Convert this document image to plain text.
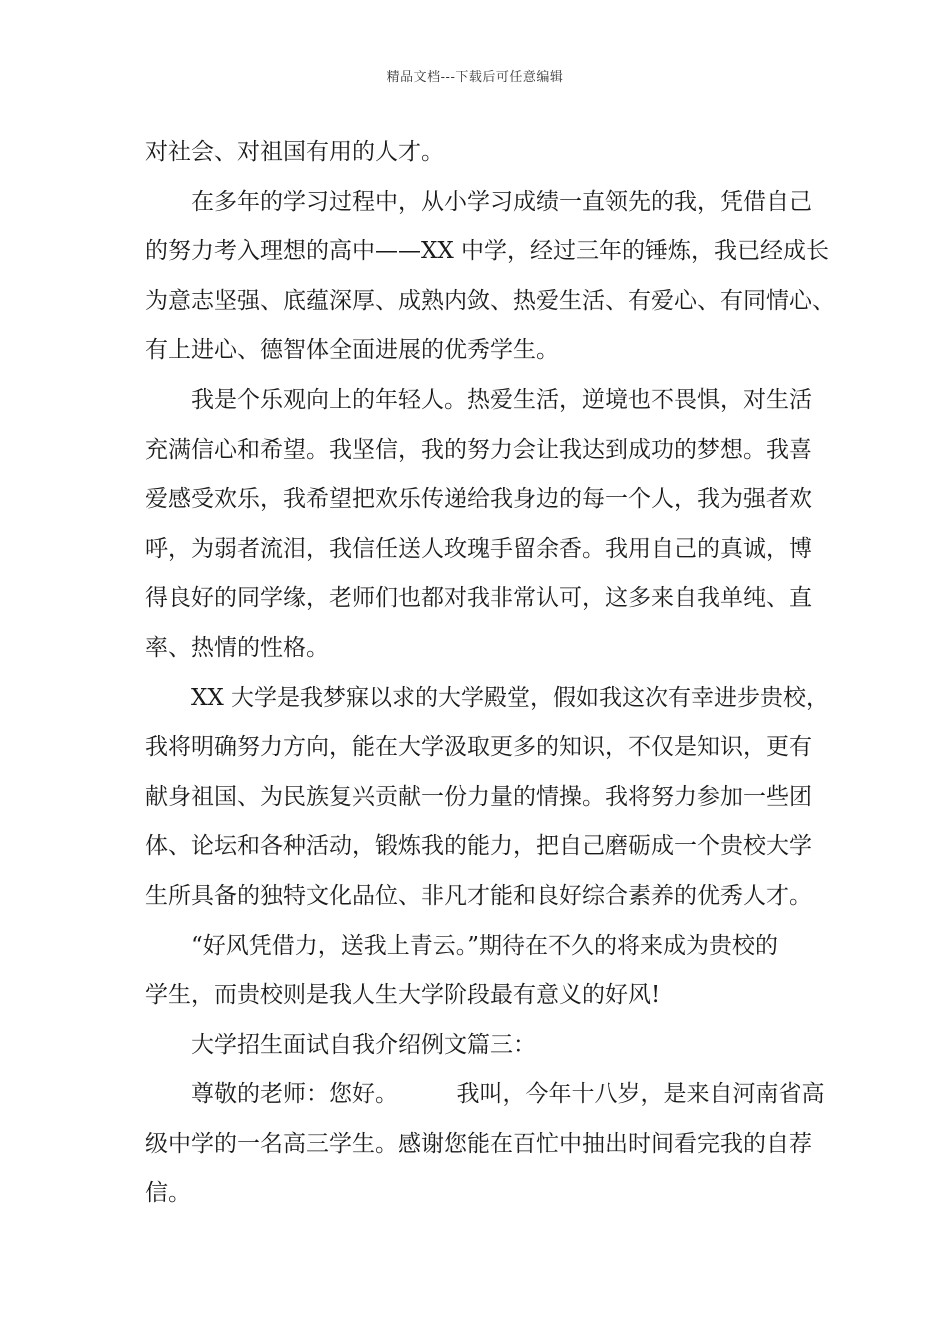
精品文档---下载后可任意编辑
对社会、对祖国有用的人才。
在多年的学习过程中，从小学习成绩一直领先的我，凭借自己
的努力考入理想的高中——XX 中学，经过三年的锤炼，我已经成长
为意志坚强、底蕴深厚、成熟内敛、热爱生活、有爱心、有同情心、
有上进心、德智体全面进展的优秀学生。
我是个乐观向上的年轻人。热爱生活，逆境也不畏惧，对生活
充满信心和希望。我坚信，我的努力会让我达到成功的梦想。我喜
爱感受欢乐，我希望把欢乐传递给我身边的每一个人，我为强者欢
呼，为弱者流泪，我信任送人玫瑰手留余香。我用自己的真诚，博
得良好的同学缘，老师们也都对我非常认可，这多来自我单纯、直
率、热情的性格。
XX 大学是我梦寐以求的大学殿堂，假如我这次有幸进步贵校，
我将明确努力方向，能在大学汲取更多的知识，不仅是知识，更有
献身祖国、为民族复兴贡献一份力量的情操。我将努力参加一些团
体、论坛和各种活动，锻炼我的能力，把自己磨砺成一个贵校大学
生所具备的独特文化品位、非凡才能和良好综合素养的优秀人才。
“好风凭借力，送我上青云。”期待在不久的将来成为贵校的
学生，而贵校则是我人生大学阶段最有意义的好风!
大学招生面试自我介绍例文篇三：
尊敬的老师：您好。        我叫，今年十八岁，是来自河南省高
级中学的一名高三学生。感谢您能在百忙中抽出时间看完我的自荐
信。
